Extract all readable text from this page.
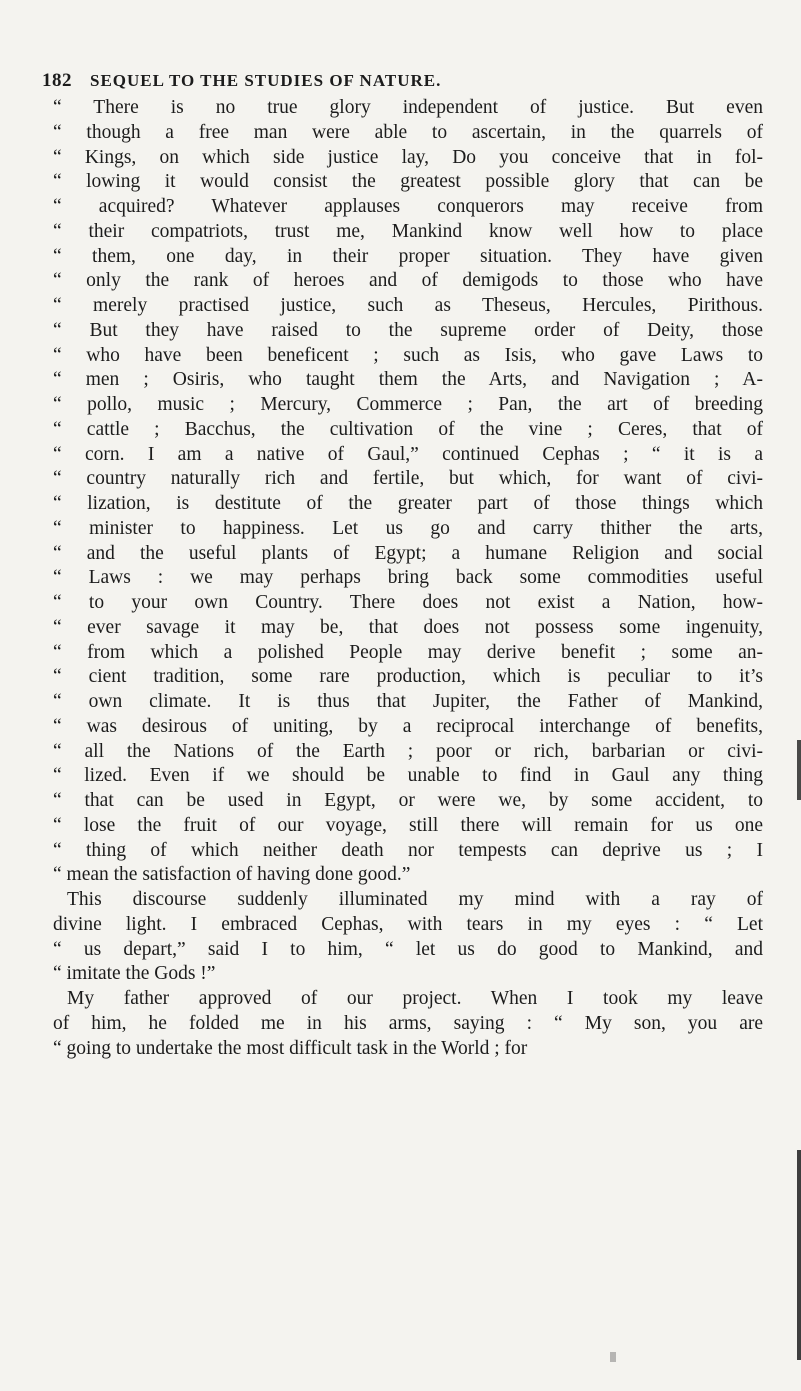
182 SEQUEL TO THE STUDIES OF NATURE.
“ There is no true glory independent of justice. But even
“ though a free man were able to ascertain, in the quarrels of
“ Kings, on which side justice lay, Do you conceive that in fol-
“ lowing it would consist the greatest possible glory that can be
“ acquired? Whatever applauses conquerors may receive from
“ their compatriots, trust me, Mankind know well how to place
“ them, one day, in their proper situation. They have given
“ only the rank of heroes and of demigods to those who have
“ merely practised justice, such as Theseus, Hercules, Pirithous.
“ But they have raised to the supreme order of Deity, those
“ who have been beneficent ; such as Isis, who gave Laws to
“ men ; Osiris, who taught them the Arts, and Navigation ; A-
“ pollo, music ; Mercury, Commerce ; Pan, the art of breeding
“ cattle ; Bacchus, the cultivation of the vine ; Ceres, that of
“ corn. I am a native of Gaul,” continued Cephas ; “ it is a
“ country naturally rich and fertile, but which, for want of civi-
“ lization, is destitute of the greater part of those things which
“ minister to happiness. Let us go and carry thither the arts,
“ and the useful plants of Egypt; a humane Religion and social
“ Laws : we may perhaps bring back some commodities useful
“ to your own Country. There does not exist a Nation, how-
“ ever savage it may be, that does not possess some ingenuity,
“ from which a polished People may derive benefit ; some an-
“ cient tradition, some rare production, which is peculiar to it’s
“ own climate. It is thus that Jupiter, the Father of Mankind,
“ was desirous of uniting, by a reciprocal interchange of benefits,
“ all the Nations of the Earth ; poor or rich, barbarian or civi-
“ lized. Even if we should be unable to find in Gaul any thing
“ that can be used in Egypt, or were we, by some accident, to
“ lose the fruit of our voyage, still there will remain for us one
“ thing of which neither death nor tempests can deprive us ; I
“ mean the satisfaction of having done good.”
This discourse suddenly illuminated my mind with a ray of
divine light. I embraced Cephas, with tears in my eyes : “ Let
“ us depart,” said I to him, “ let us do good to Mankind, and
“ imitate the Gods !”
My father approved of our project. When I took my leave
of him, he folded me in his arms, saying : “ My son, you are
“ going to undertake the most difficult task in the World ; for
